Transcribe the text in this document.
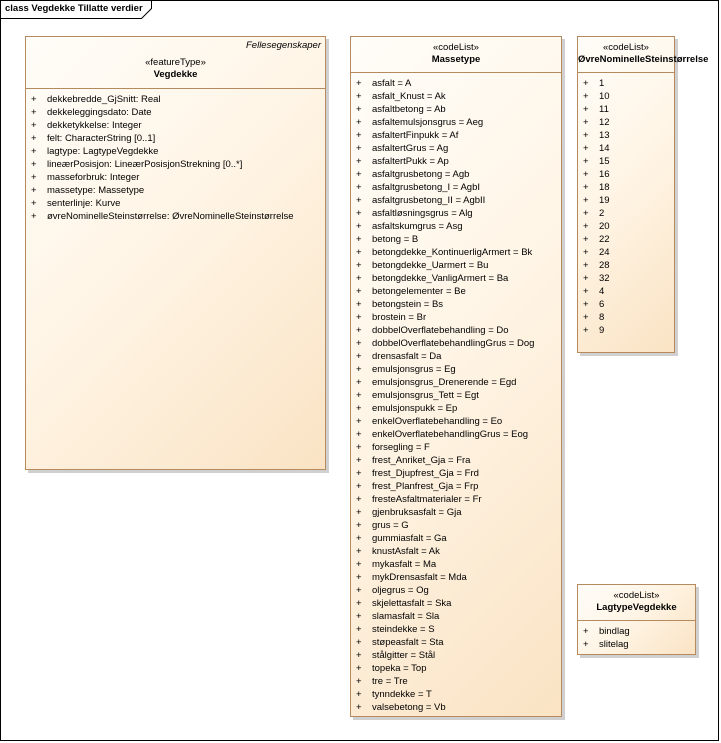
class Vegdekke Tillatte verdier
Fellesegenskaper
«featureType»
Vegdekke
+ dekkebredde_GjSnitt: Real
+ dekkeleggingsdato: Date
+ dekketykkelse: Integer
+ felt: CharacterString [0..1]
+ lagtype: LagtypeVegdekke
+ lineærPosisjon: LineærPosisjonStrekning [0..*]
+ masseforbruk: Integer
+ massetype: Massetype
+ senterlinje: Kurve
+ øvreNominelleSteinstørrelse: ØvreNominelleSteinstørrelse
«codeList»
Massetype
+ asfalt = A
+ asfalt_Knust = Ak
+ asfaltbetong = Ab
+ asfaltemulsjonsgrus = Aeg
+ asfaltertFinpukk = Af
+ asfaltertGrus = Ag
+ asfaltertPukk = Ap
+ asfaltgrusbetong = Agb
+ asfaltgrusbetong_I = AgbI
+ asfaltgrusbetong_II = AgbII
+ asfaltløsningsgrus = Alg
+ asfaltskumgrus = Asg
+ betong = B
+ betongdekke_KontinuerligArmert = Bk
+ betongdekke_Uarmert = Bu
+ betongdekke_VanligArmert = Ba
+ betongelementer = Be
+ betongstein = Bs
+ brostein = Br
+ dobbelOverflatebehandling = Do
+ dobbelOverflatebehandlingGrus = Dog
+ drensasfalt = Da
+ emulsjonsgrus = Eg
+ emulsjonsgrus_Drenerende = Egd
+ emulsjonsgrus_Tett = Egt
+ emulsjonspukk = Ep
+ enkelOverflatebehandling = Eo
+ enkelOverflatebehandlingGrus = Eog
+ forsegling = F
+ frest_Anriket_Gja = Fra
+ frest_Djupfrest_Gja = Frd
+ frest_Planfrest_Gja = Frp
+ fresteAsfaltmaterialer = Fr
+ gjenbruksasfalt = Gja
+ grus = G
+ gummiasfalt = Ga
+ knustAsfalt = Ak
+ mykasfalt = Ma
+ mykDrensasfalt = Mda
+ oljegrus = Og
+ skjelettasfalt = Ska
+ slamasfalt = Sla
+ steindekke = S
+ støpeasfalt = Sta
+ stålgitter = Stål
+ topeka = Top
+ tre = Tre
+ tynndekke = T
+ valsebetong = Vb
«codeList»
ØvreNominelleSteinstørrelse
+ 1
+ 10
+ 11
+ 12
+ 13
+ 14
+ 15
+ 16
+ 18
+ 19
+ 2
+ 20
+ 22
+ 24
+ 28
+ 32
+ 4
+ 6
+ 8
+ 9
«codeList»
LagtypeVegdekke
+ bindlag
+ slitelag
